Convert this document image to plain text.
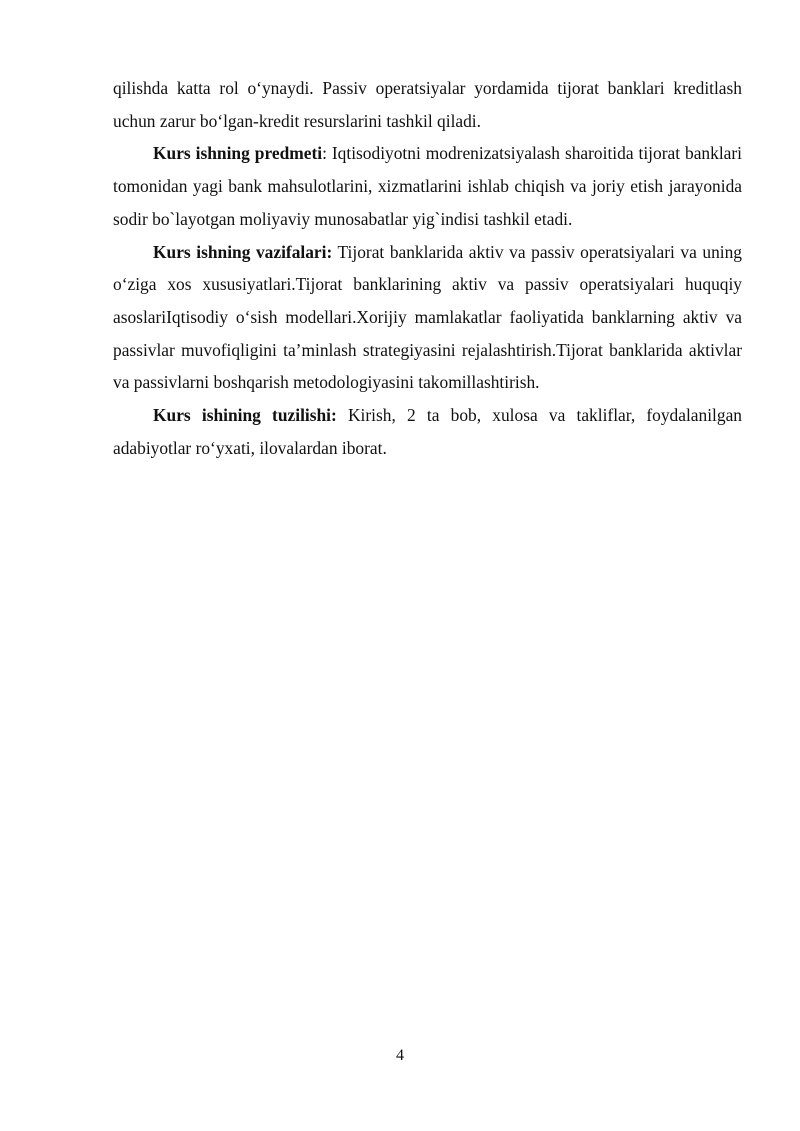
qilishda katta rol o‘ynaydi. Passiv operatsiyalar yordamida tijorat banklari kreditlash uchun zarur bo‘lgan-kredit resurslarini tashkil qiladi.

Kurs ishning predmeti: Iqtisodiyotni modrenizatsiyalash sharoitida tijorat banklari tomonidan yagi bank mahsulotlarini, xizmatlarini ishlab chiqish va joriy etish jarayonida sodir bo`layotgan moliyaviy munosabatlar yig`indisi tashkil etadi.

Kurs ishning vazifalari: Tijorat banklarida aktiv va passiv operatsiyalari va uning o‘ziga xos xususiyatlari.Tijorat banklarining aktiv va passiv operatsiyalari huquqiy asoslariIqtisodiy o‘sish modellari.Xorijiy mamlakatlar faoliyatida banklarning aktiv va passivlar muvofiqligini ta’minlash strategiyasini rejalashtirish.Tijorat banklarida aktivlar va passivlarni boshqarish metodologiyasini takomillashtirish.

Kurs ishining tuzilishi: Kirish, 2 ta bob, xulosa va takliflar, foydalanilgan adabiyotlar ro‘yxati, ilovalardan iborat.

4
